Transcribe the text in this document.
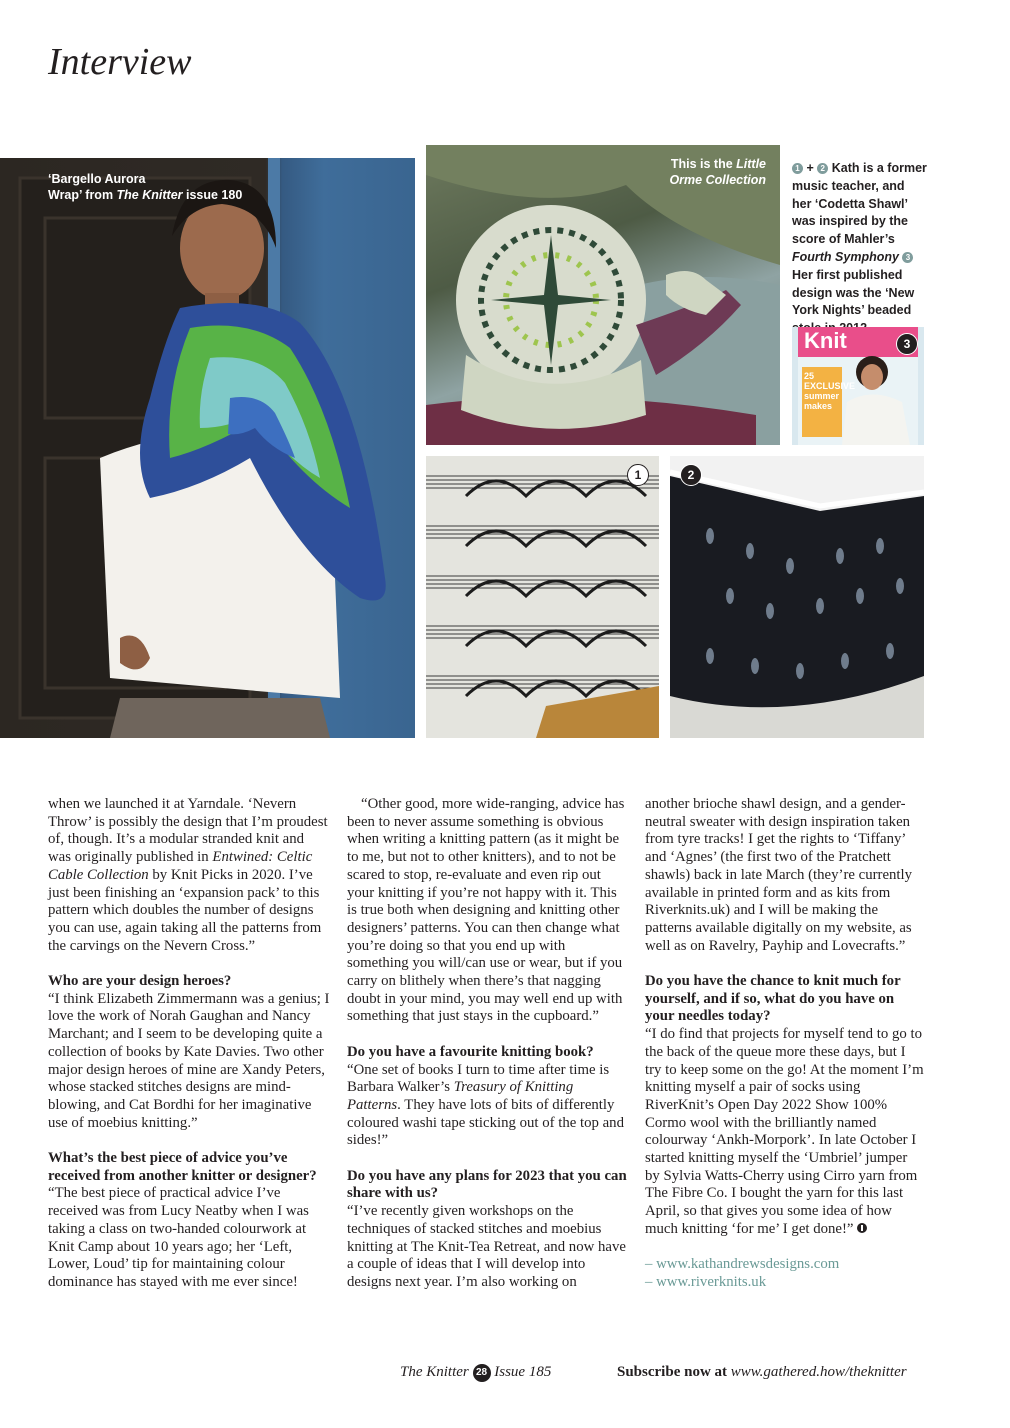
Interview
‘Bargello Aurora
Wrap’ from The Knitter issue 180
This is the Little
Orme Collection
1 + 2 Kath is a former music teacher, and her ‘Codetta Shawl’ was inspired by the score of Mahler’s Fourth Symphony 3 Her first published design was the ‘New York Nights’ beaded
Knit
25 EXCLUSIVE summer makes
3
1	2

when we launched it at Yarndale. ‘Nevern Throw’ is possibly the design that I’m proudest of, though. It’s a modular stranded knit and was originally published in Entwined: Celtic Cable Collection by Knit Picks in 2020. I’ve just been finishing an ‘expansion pack’ to this pattern which doubles the number of designs you can use, again taking all the patterns from the carvings on the Nevern Cross.”

Who are your design heroes?

“I think Elizabeth Zimmermann was a genius; I love the work of Norah Gaughan and Nancy Marchant; and I seem to be developing quite a collection of books by Kate Davies. Two other major design heroes of mine are Xandy Peters, whose stacked stitches designs are mind-blowing, and Cat Bordhi for her imaginative use of moebius knitting.”

What’s the best piece of advice you’ve received from another knitter or designer?

“The best piece of practical advice I’ve received was from Lucy Neatby when I was taking a class on two-handed colourwork at Knit Camp about 10 years ago; her ‘Left, Lower, Loud’ tip for maintaining colour dominance has stayed with me ever since!

“Other good, more wide-ranging, advice has been to never assume something is obvious when writing a knitting pattern (as it might be to me, but not to other knitters), and to not be scared to stop, re-evaluate and even rip out your knitting if you’re not happy with it. This is true both when designing and knitting other designers’ patterns. You can then change what you’re doing so that you end up with something you will/can use or wear, but if you carry on blithely when there’s that nagging doubt in your mind, you may well end up with something that just stays in the cupboard.”

Do you have a favourite knitting book?

“One set of books I turn to time after time is Barbara Walker’s Treasury of Knitting Patterns. They have lots of bits of differently coloured washi tape sticking out of the top and sides!”

Do you have any plans for 2023 that you can share with us?

“I’ve recently given workshops on the techniques of stacked stitches and moebius knitting at The Knit-Tea Retreat, and now have a couple of ideas that I will develop into designs next year. I’m also working on

another brioche shawl design, and a gender-neutral sweater with design inspiration taken from tyre tracks! I get the rights to ‘Tiffany’ and ‘Agnes’ (the first two of the Pratchett shawls) back in late March (they’re currently available in printed form and as kits from Riverknits.uk) and I will be making the patterns available digitally on my website, as well as on Ravelry, Payhip and Lovecrafts.”

Do you have the chance to knit much for yourself, and if so, what do you have on your needles today?

“I do find that projects for myself tend to go to the back of the queue more these days, but I try to keep some on the go! At the moment I’m knitting myself a pair of socks using RiverKnit’s Open Day 2022 Show 100% Cormo wool with the brilliantly named colourway ‘Ankh-Morpork’. In late October I started knitting myself the ‘Umbriel’ jumper by Sylvia Watts-Cherry using Cirro yarn from The Fibre Co. I bought the yarn for this last April, so that gives you some idea of how much knitting ‘for me’ I get done!”

– www.kathandrewsdesigns.com

– www.riverknits.uk

The Knitter 28 Issue 185	Subscribe now at www.gathered.how/theknitter
